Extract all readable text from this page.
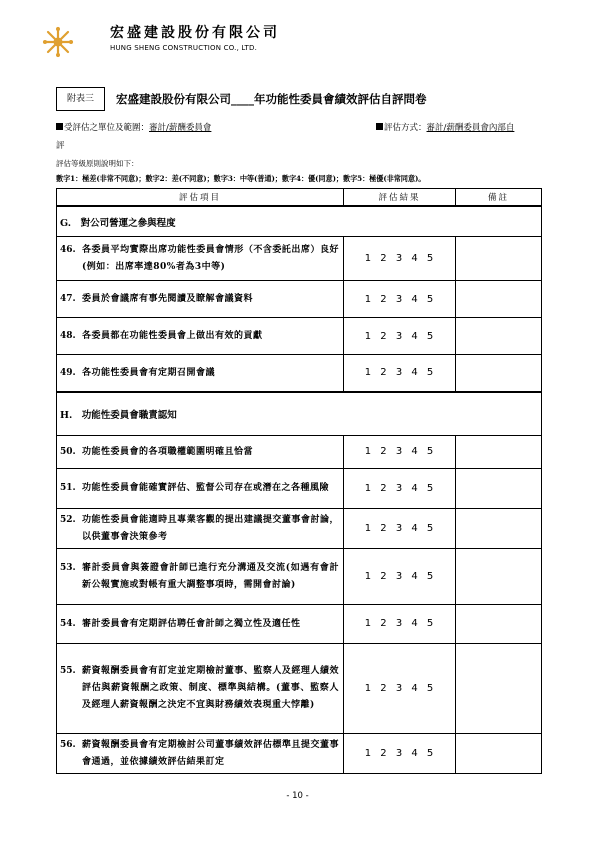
宏盛建設股份有限公司
HUNG SHENG CONSTRUCTION CO., LTD.
附表三	宏盛建設股份有限公司____年功能性委員會績效評估自評問卷
受評估之單位及範圍：審計/薪酬委員會	評估方式：審計/薪酬委員會內部自
評
評估等級原則說明如下：
數字1：極差(非常不同意)；數字2：差(不同意)；數字3：中等(普通)；數字4：優(同意)；數字5：極優(非常同意)。
評估項目	評估結果	備註
G.　對公司營運之參與程度		

46. 各委員平均實際出席功能性委員會情形（不含委託出席）良好(例如：出席率達80%者為3中等)	1 2 3 4 5	

47. 委員於會議席有事先閱讀及瞭解會議資料	1 2 3 4 5	

48. 各委員都在功能性委員會上做出有效的貢獻	1 2 3 4 5	

49. 各功能性委員會有定期召開會議	1 2 3 4 5	
H.　功能性委員會職責認知		

50. 功能性委員會的各項職權範圍明確且恰當	1 2 3 4 5	

51. 功能性委員會能確實評估、監督公司存在或潛在之各種風險	1 2 3 4 5	

52. 功能性委員會能適時且專業客觀的提出建議提交董事會討論，以供董事會決策參考	1 2 3 4 5	

53. 審計委員會與簽證會計師已進行充分溝通及交流(如遇有會計新公報實施或對帳有重大調整事項時，需開會討論)	1 2 3 4 5	

54. 審計委員會有定期評估聘任會計師之獨立性及適任性	1 2 3 4 5	

55. 薪資報酬委員會有訂定並定期檢討董事、監察人及經理人績效評估與薪資報酬之政策、制度、標準與結構。(董事、監察人及經理人薪資報酬之決定不宜與財務績效表現重大悖離)	1 2 3 4 5	

56. 薪資報酬委員會有定期檢討公司董事績效評估標準且提交董事會通過，並依據績效評估結果訂定	1 2 3 4 5	
- 10 -
